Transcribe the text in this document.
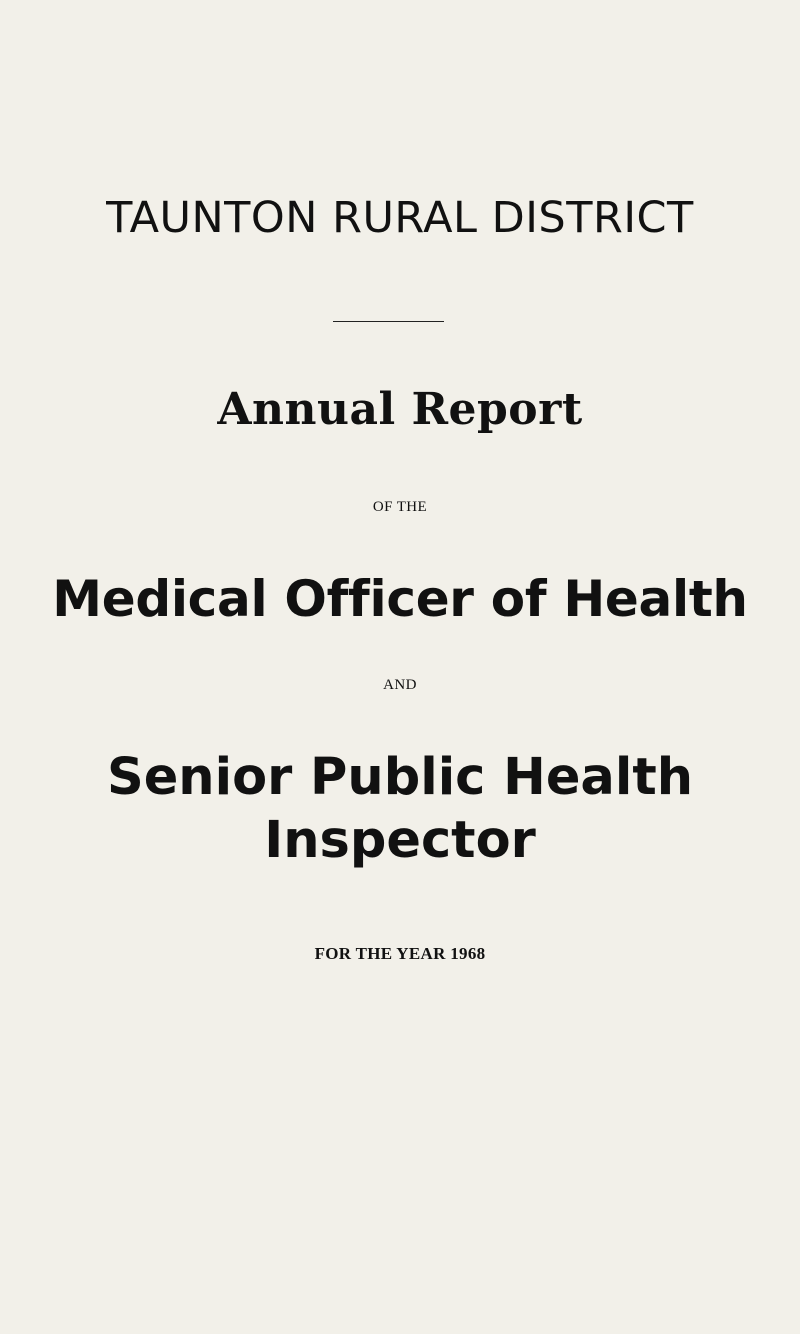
TAUNTON RURAL DISTRICT
Annual Report
OF THE
Medical Officer of Health
AND
Senior Public Health
Inspector
FOR THE YEAR 1968
